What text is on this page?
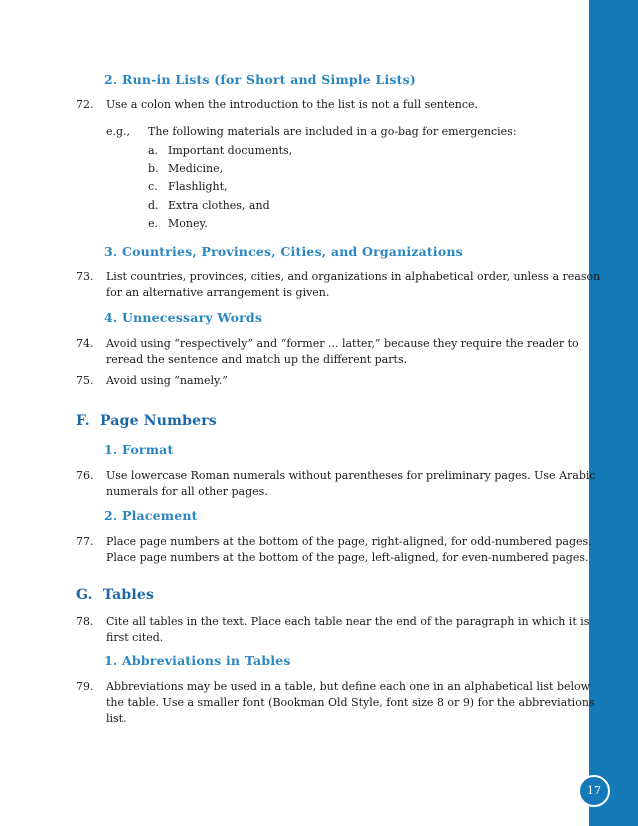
17
2. Run-in Lists (for Short and Simple Lists)
72. Use a colon when the introduction to the list is not a full sentence.
e.g., The following materials are included in a go-bag for emergencies:
a. Important documents,
b. Medicine,
c. Flashlight,
d. Extra clothes, and
e. Money.
3. Countries, Provinces, Cities, and Organizations
73. List countries, provinces, cities, and organizations in alphabetical order, unless a reason
for an alternative arrangement is given.
4. Unnecessary Words
74. Avoid using “respectively” and “former ... latter,” because they require the reader to
reread the sentence and match up the different parts.
75. Avoid using “namely.”
F.  Page Numbers
1. Format
76. Use lowercase Roman numerals without parentheses for preliminary pages. Use Arabic
numerals for all other pages.
2. Placement
77. Place page numbers at the bottom of the page, right-aligned, for odd-numbered pages.
Place page numbers at the bottom of the page, left-aligned, for even-numbered pages.
G.  Tables
78. Cite all tables in the text. Place each table near the end of the paragraph in which it is
first cited.
1. Abbreviations in Tables
79. Abbreviations may be used in a table, but define each one in an alphabetical list below
the table. Use a smaller font (Bookman Old Style, font size 8 or 9) for the abbreviations
list.
